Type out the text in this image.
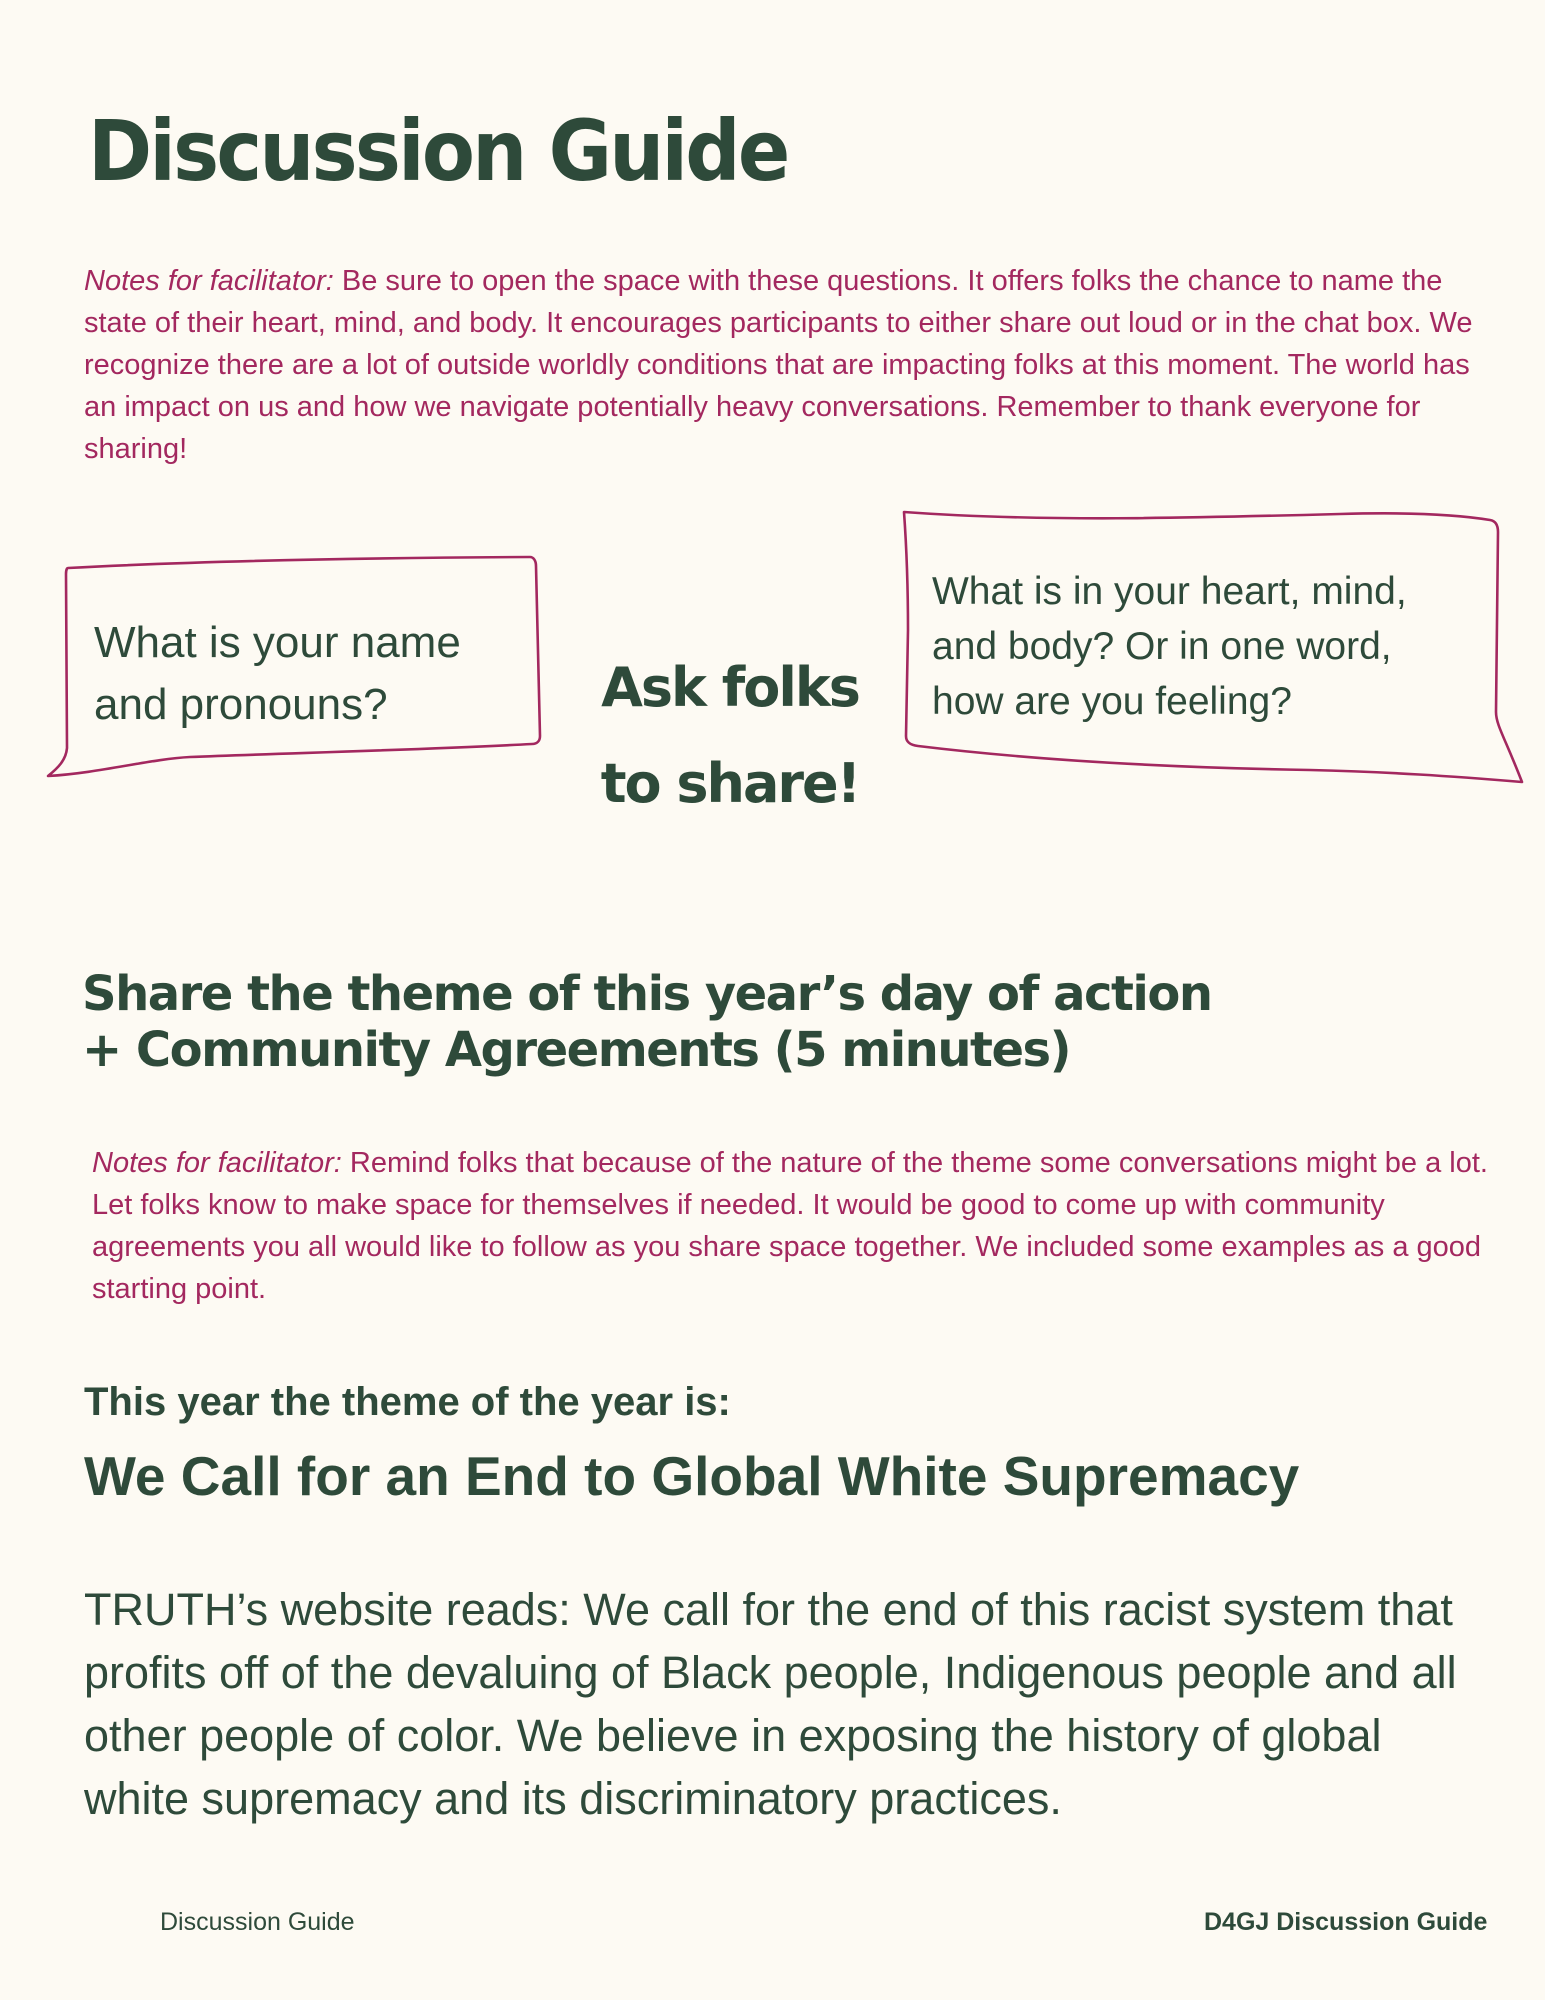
Discussion Guide
Notes for facilitator: Be sure to open the space with these questions. It offers folks the chance to name the state of their heart, mind, and body. It encourages participants to either share out loud or in the chat box. We recognize there are a lot of outside worldly conditions that are impacting folks at this moment. The world has an impact on us and how we navigate potentially heavy conversations. Remember to thank everyone for sharing!
What is your name and pronouns?	Ask folks
to share!
What is in your heart, mind, and body? Or in one word, how are you feeling?
Share the theme of this year’s day of action
+ Community Agreements (5 minutes)
Notes for facilitator: Remind folks that because of the nature of the theme some conversations might be a lot. Let folks know to make space for themselves if needed. It would be good to come up with community agreements you all would like to follow as you share space together. We included some examples as a good starting point.
This year the theme of the year is:
We Call for an End to Global White Supremacy
TRUTH’s website reads: We call for the end of this racist system that profits off of the devaluing of Black people, Indigenous people and all other people of color. We believe in exposing the history of global white supremacy and its discriminatory practices.
Discussion Guide	D4GJ Discussion Guide
